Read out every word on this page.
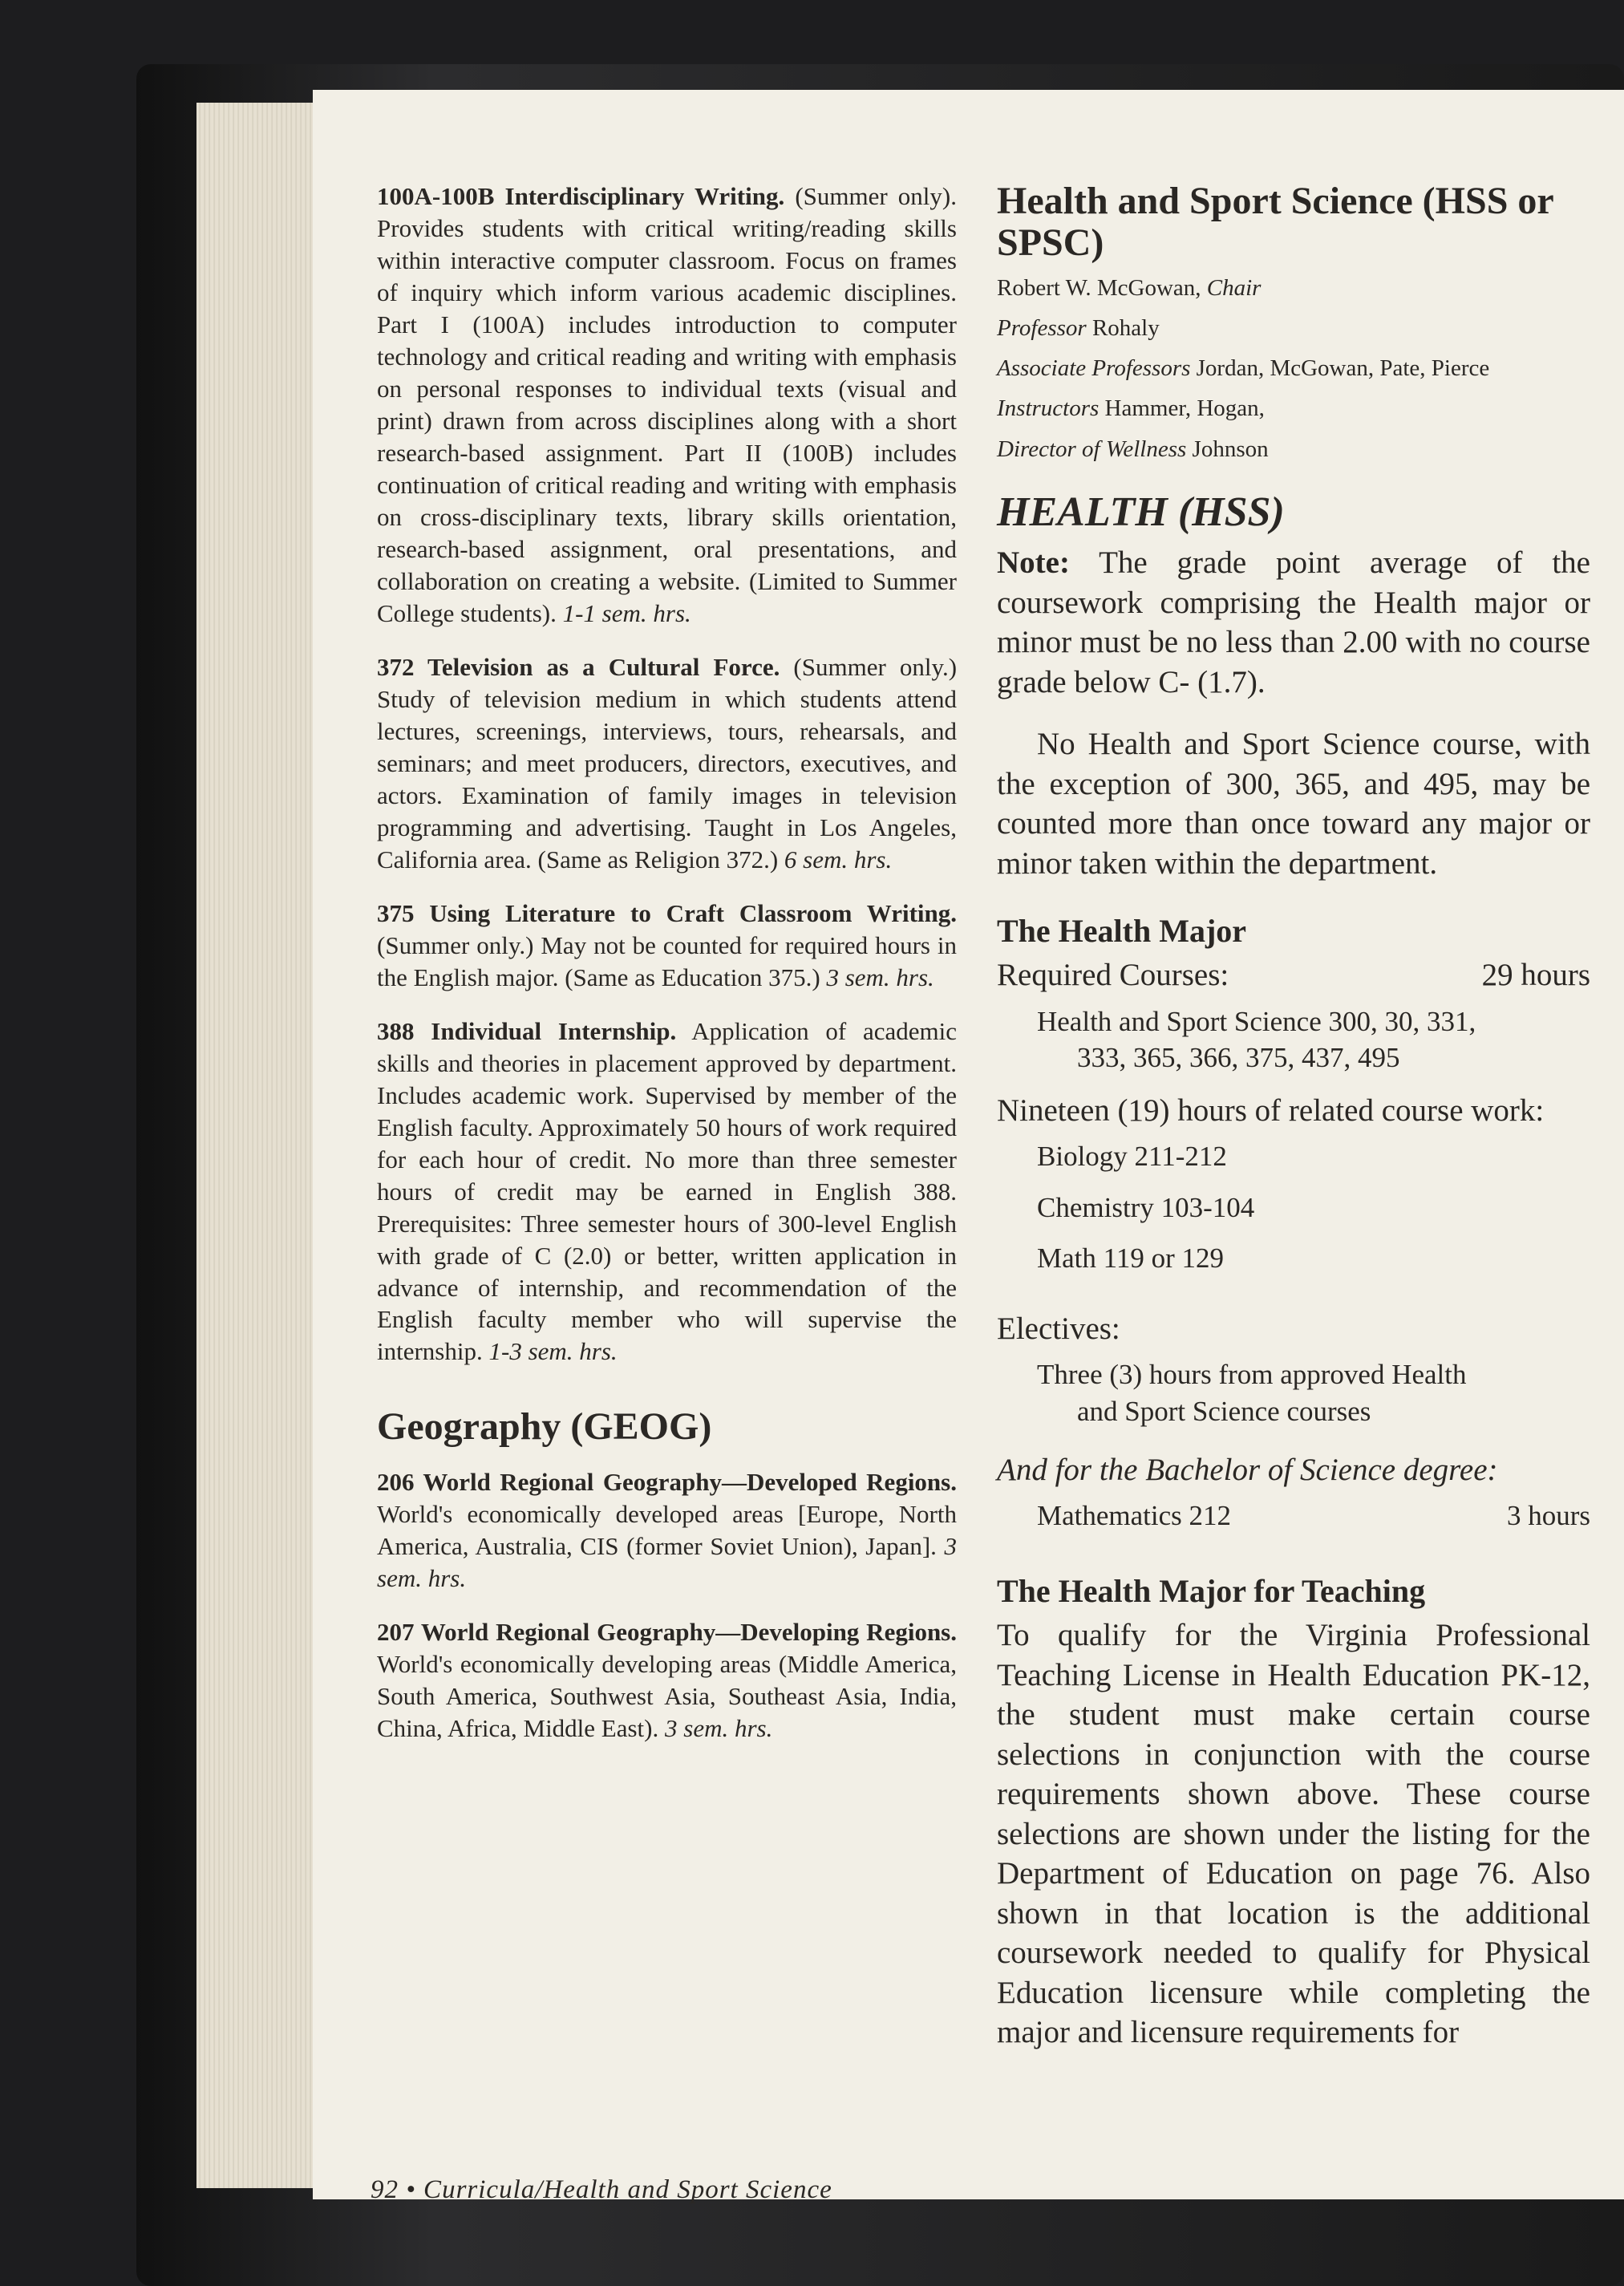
100A-100B Interdisciplinary Writing. (Summer only). Provides students with critical writing/reading skills within interactive computer classroom. Focus on frames of inquiry which inform various academic disciplines. Part I (100A) includes introduction to computer technology and critical reading and writing with emphasis on personal responses to individual texts (visual and print) drawn from across disciplines along with a short research-based assignment. Part II (100B) includes continuation of critical reading and writing with emphasis on cross-disciplinary texts, library skills orientation, research-based assignment, oral presentations, and collaboration on creating a website. (Limited to Summer College students). 1-1 sem. hrs.

372 Television as a Cultural Force. (Summer only.) Study of television medium in which students attend lectures, screenings, interviews, tours, rehearsals, and seminars; and meet producers, directors, executives, and actors. Examination of family images in television programming and advertising. Taught in Los Angeles, California area. (Same as Religion 372.) 6 sem. hrs.

375 Using Literature to Craft Classroom Writing. (Summer only.) May not be counted for required hours in the English major. (Same as Education 375.) 3 sem. hrs.

388 Individual Internship. Application of academic skills and theories in placement approved by department. Includes academic work. Supervised by member of the English faculty. Approximately 50 hours of work required for each hour of credit. No more than three semester hours of credit may be earned in English 388. Prerequisites: Three semester hours of 300-level English with grade of C (2.0) or better, written application in advance of internship, and recommendation of the English faculty member who will supervise the internship. 1-3 sem. hrs.

Geography (GEOG)

206 World Regional Geography—Developed Regions. World's economically developed areas [Europe, North America, Australia, CIS (former Soviet Union), Japan]. 3 sem. hrs.

207 World Regional Geography—Developing Regions. World's economically developing areas (Middle America, South America, Southwest Asia, Southeast Asia, India, China, Africa, Middle East). 3 sem. hrs.

Health and Sport Science (HSS or SPSC)
Robert W. McGowan, Chair
Professor Rohaly
Associate Professors Jordan, McGowan, Pate, Pierce
Instructors Hammer, Hogan,
Director of Wellness Johnson
HEALTH (HSS)

Note: The grade point average of the coursework comprising the Health major or minor must be no less than 2.00 with no course grade below C- (1.7).

No Health and Sport Science course, with the exception of 300, 365, and 495, may be counted more than once toward any major or minor taken within the department.

The Health Major
Required Courses:	29 hours
Health and Sport Science 300, 30, 331,
333, 365, 366, 375, 437, 495

Nineteen (19) hours of related course work:

Biology 211-212
Chemistry 103-104
Math 119 or 129

Electives:

Three (3) hours from approved Health
and Sport Science courses

And for the Bachelor of Science degree:

Mathematics 212	3 hours
The Health Major for Teaching

To qualify for the Virginia Professional Teaching License in Health Education PK-12, the student must make certain course selections in conjunction with the course requirements shown above. These course selections are shown under the listing for the Department of Education on page 76. Also shown in that location is the additional coursework needed to qualify for Physical Education licensure while completing the major and licensure requirements for

92 • Curricula/Health and Sport Science
